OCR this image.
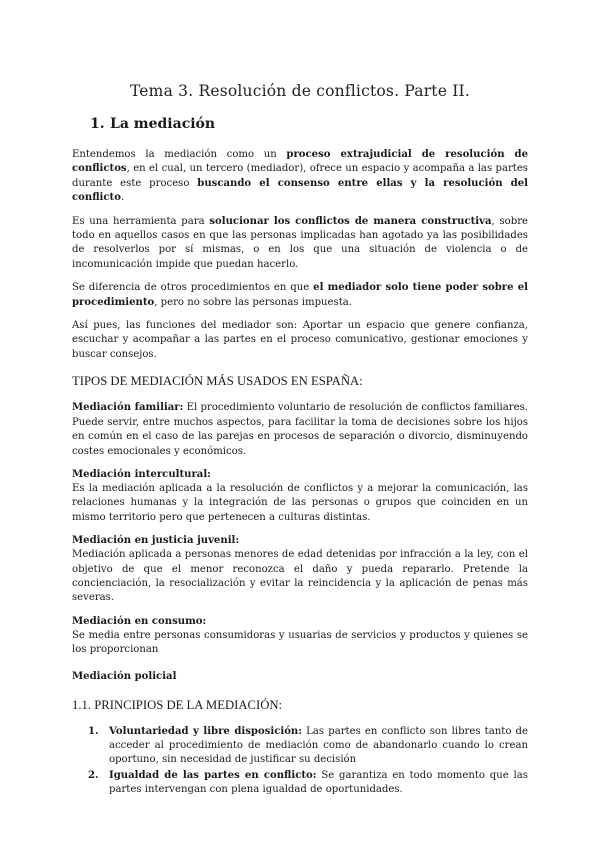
Tema 3. Resolución de conflictos. Parte II.
1. La mediación

Entendemos la mediación como un proceso extrajudicial de resolución de conflictos, en el cual, un tercero (mediador), ofrece un espacio y acompaña a las partes durante este proceso buscando el consenso entre ellas y la resolución del conflicto.

Es una herramienta para solucionar los conflictos de manera constructiva, sobre todo en aquellos casos en que las personas implicadas han agotado ya las posibilidades de resolverlos por sí mismas, o en los que una situación de violencia o de incomunicación impide que puedan hacerlo.

Se diferencia de otros procedimientos en que el mediador solo tiene poder sobre el procedimiento, pero no sobre las personas impuesta.

Así pues, las funciones del mediador son: Aportar un espacio que genere confianza, escuchar y acompañar a las partes en el proceso comunicativo, gestionar emociones y buscar consejos.

TIPOS DE MEDIACIÓN MÁS USADOS EN ESPAÑA:

Mediación familiar: El procedimiento voluntario de resolución de conflictos familiares. Puede servir, entre muchos aspectos, para facilitar la toma de decisiones sobre los hijos en común en el caso de las parejas en procesos de separación o divorcio, disminuyendo costes emocionales y económicos.

Mediación intercultural:

Es la mediación aplicada a la resolución de conflictos y a mejorar la comunicación, las relaciones humanas y la integración de las personas o grupos que coinciden en un mismo territorio pero que pertenecen a culturas distintas.

Mediación en justicia juvenil:

Mediación aplicada a personas menores de edad detenidas por infracción a la ley, con el objetivo de que el menor reconozca el daño y pueda repararlo. Pretende la concienciación, la resocialización y evitar la reincidencia y la aplicación de penas más severas.

Mediación en consumo:

Se media entre personas consumidoras y usuarias de servicios y productos y quienes se los proporcionan

Mediación policial

1.1. PRINCIPIOS DE LA MEDIACIÓN:
1. Voluntariedad y libre disposición: Las partes en conflicto son libres tanto de acceder al procedimiento de mediación como de abandonarlo cuando lo crean oportuno, sin necesidad de justificar su decisión
2. Igualdad de las partes en conflicto: Se garantiza en todo momento que las partes intervengan con plena igualdad de oportunidades.
